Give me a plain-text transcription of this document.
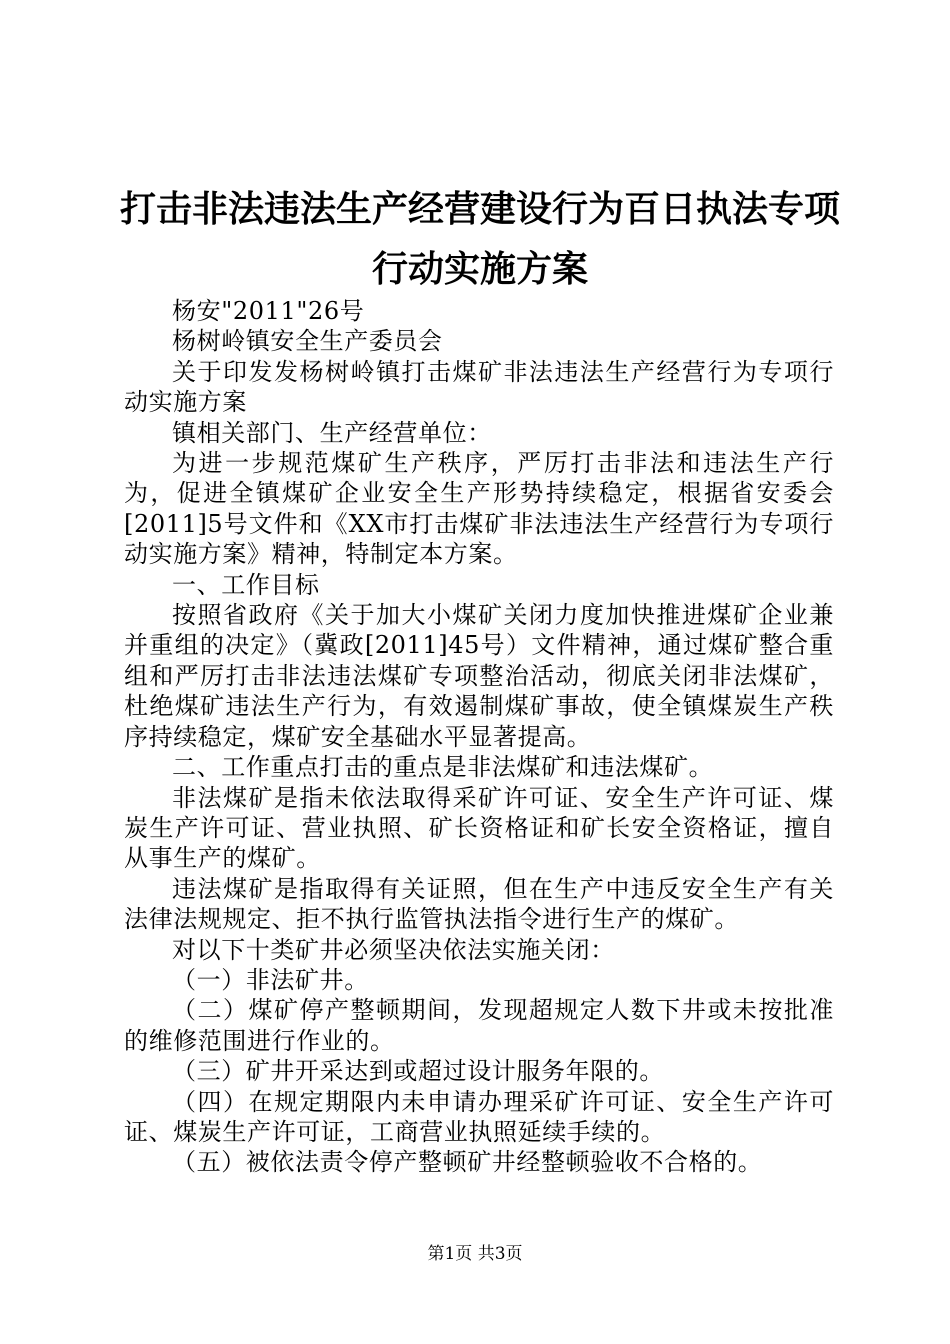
打击非法违法生产经营建设行为百日执法专项
行动实施方案

杨安"2011"26号

杨树岭镇安全生产委员会

关于印发发杨树岭镇打击煤矿非法违法生产经营行为专项行动实施方案

镇相关部门、生产经营单位：

为进一步规范煤矿生产秩序，严厉打击非法和违法生产行为，促进全镇煤矿企业安全生产形势持续稳定，根据省安委会[2011]5号文件和《XX市打击煤矿非法违法生产经营行为专项行动实施方案》精神，特制定本方案。

一、工作目标

按照省政府《关于加大小煤矿关闭力度加快推进煤矿企业兼并重组的决定》（冀政[2011]45号）文件精神，通过煤矿整合重组和严厉打击非法违法煤矿专项整治活动，彻底关闭非法煤矿，杜绝煤矿违法生产行为，有效遏制煤矿事故，使全镇煤炭生产秩序持续稳定，煤矿安全基础水平显著提高。

二、工作重点打击的重点是非法煤矿和违法煤矿。

非法煤矿是指未依法取得采矿许可证、安全生产许可证、煤炭生产许可证、营业执照、矿长资格证和矿长安全资格证，擅自从事生产的煤矿。

违法煤矿是指取得有关证照，但在生产中违反安全生产有关法律法规规定、拒不执行监管执法指令进行生产的煤矿。

对以下十类矿井必须坚决依法实施关闭：

（一）非法矿井。

（二）煤矿停产整顿期间，发现超规定人数下井或未按批准的维修范围进行作业的。

（三）矿井开采达到或超过设计服务年限的。

（四）在规定期限内未申请办理采矿许可证、安全生产许可证、煤炭生产许可证，工商营业执照延续手续的。

（五）被依法责令停产整顿矿井经整顿验收不合格的。

第1页 共3页
